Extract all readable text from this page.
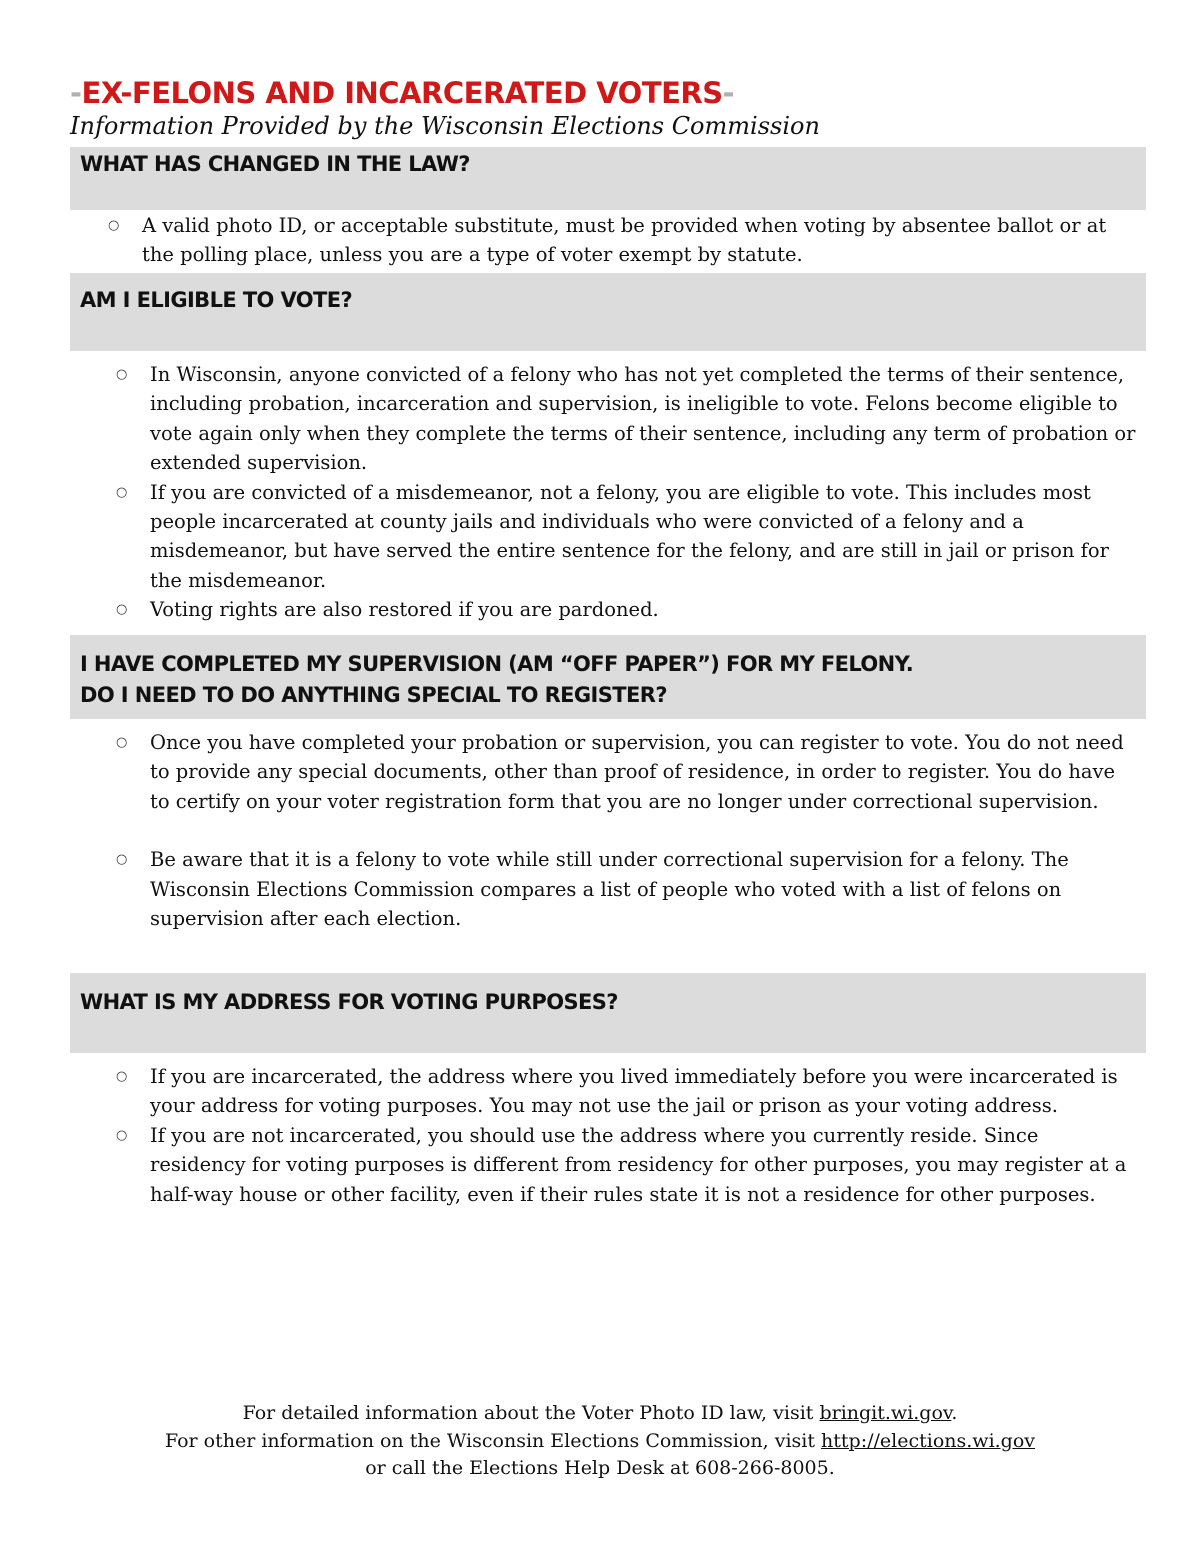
-EX-FELONS AND INCARCERATED VOTERS-
Information Provided by the Wisconsin Elections Commission
WHAT HAS CHANGED IN THE LAW?
○ A valid photo ID, or acceptable substitute, must be provided when voting by absentee ballot or at the polling place, unless you are a type of voter exempt by statute.
AM I ELIGIBLE TO VOTE?
○ In Wisconsin, anyone convicted of a felony who has not yet completed the terms of their sentence, including probation, incarceration and supervision, is ineligible to vote. Felons become eligible to vote again only when they complete the terms of their sentence, including any term of probation or extended supervision.
○ If you are convicted of a misdemeanor, not a felony, you are eligible to vote. This includes most people incarcerated at county jails and individuals who were convicted of a felony and a misdemeanor, but have served the entire sentence for the felony, and are still in jail or prison for the misdemeanor.
○ Voting rights are also restored if you are pardoned.
I HAVE COMPLETED MY SUPERVISION (AM “OFF PAPER”) FOR MY FELONY.
DO I NEED TO DO ANYTHING SPECIAL TO REGISTER?
○ Once you have completed your probation or supervision, you can register to vote. You do not need to provide any special documents, other than proof of residence, in order to register. You do have to certify on your voter registration form that you are no longer under correctional supervision.
○ Be aware that it is a felony to vote while still under correctional supervision for a felony. The Wisconsin Elections Commission compares a list of people who voted with a list of felons on supervision after each election.
WHAT IS MY ADDRESS FOR VOTING PURPOSES?
○ If you are incarcerated, the address where you lived immediately before you were incarcerated is your address for voting purposes. You may not use the jail or prison as your voting address.
○ If you are not incarcerated, you should use the address where you currently reside. Since residency for voting purposes is different from residency for other purposes, you may register at a half-way house or other facility, even if their rules state it is not a residence for other purposes.
For detailed information about the Voter Photo ID law, visit bringit.wi.gov.
For other information on the Wisconsin Elections Commission, visit http://elections.wi.gov
or call the Elections Help Desk at 608-266-8005.
